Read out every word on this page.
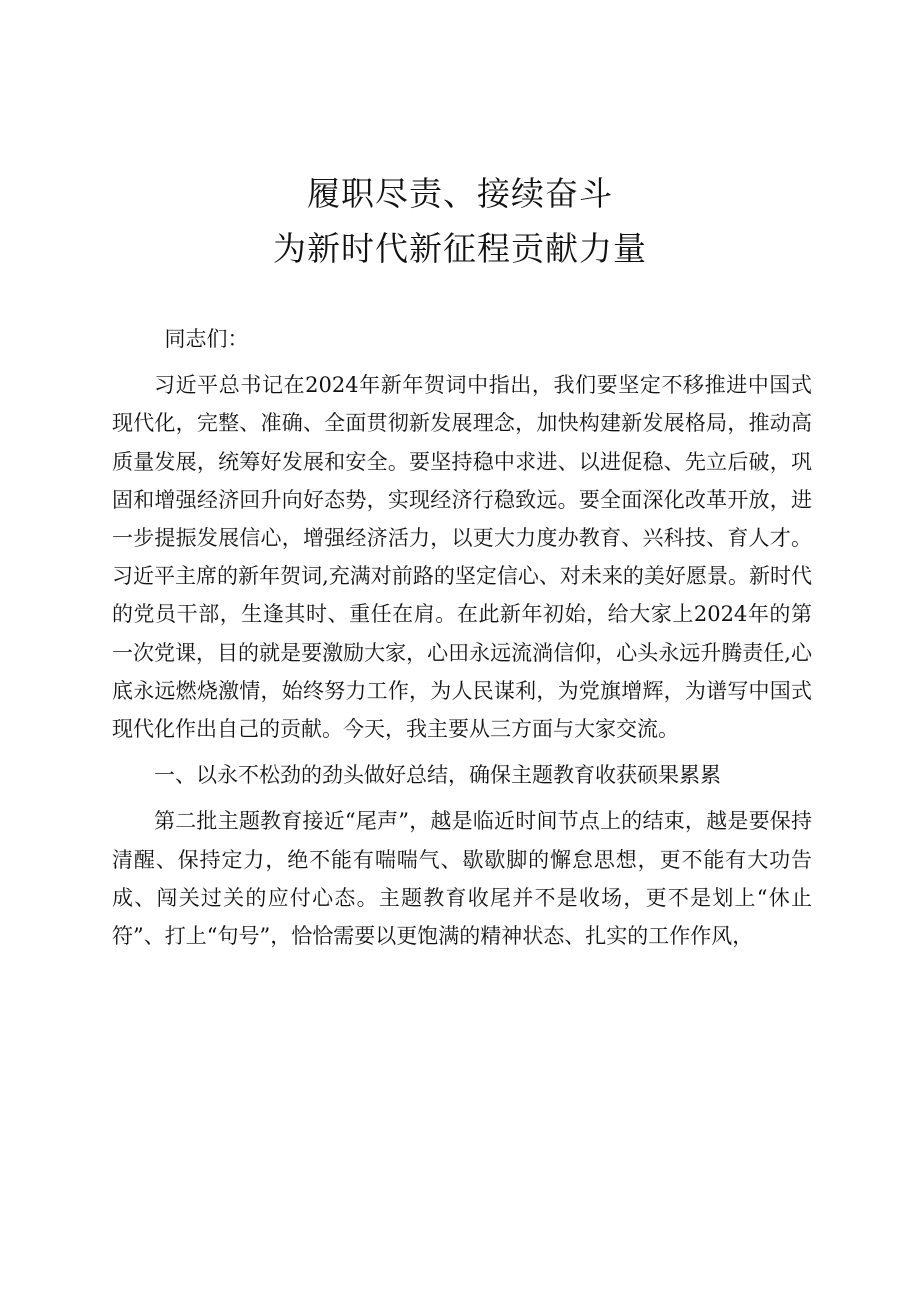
履职尽责、接续奋斗
为新时代新征程贡献力量

同志们：

习近平总书记在2024年新年贺词中指出，我们要坚定不移推进中国式现代化，完整、准确、全面贯彻新发展理念，加快构建新发展格局，推动高质量发展，统筹好发展和安全。要坚持稳中求进、以进促稳、先立后破，巩固和增强经济回升向好态势，实现经济行稳致远。要全面深化改革开放，进一步提振发展信心，增强经济活力，以更大力度办教育、兴科技、育人才。习近平主席的新年贺词,充满对前路的坚定信心、对未来的美好愿景。新时代的党员干部，生逢其时、重任在肩。在此新年初始，给大家上2024年的第一次党课，目的就是要激励大家，心田永远流淌信仰，心头永远升腾责任,心底永远燃烧激情，始终努力工作，为人民谋利，为党旗增辉，为谱写中国式现代化作出自己的贡献。今天，我主要从三方面与大家交流。

一、以永不松劲的劲头做好总结，确保主题教育收获硕果累累

第二批主题教育接近“尾声”，越是临近时间节点上的结束，越是要保持清醒、保持定力，绝不能有喘喘气、歇歇脚的懈怠思想，更不能有大功告成、闯关过关的应付心态。主题教育收尾并不是收场，更不是划上“休止符”、打上“句号”，恰恰需要以更饱满的精神状态、扎实的工作作风，
